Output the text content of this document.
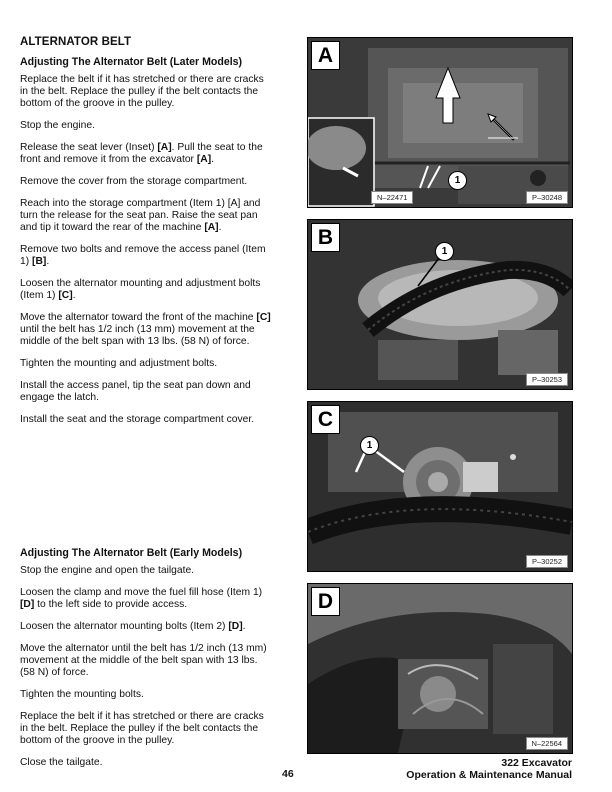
ALTERNATOR BELT
Adjusting The Alternator Belt (Later Models)

Replace the belt if it has stretched or there are cracks in the belt. Replace the pulley if the belt contacts the bottom of the groove in the pulley.

Stop the engine.

Release the seat lever (Inset) [A]. Pull the seat to the front and remove it from the excavator [A].

Remove the cover from the storage compartment.

Reach into the storage compartment (Item 1) [A] and turn the release for the seat pan. Raise the seat pan and tip it toward the rear of the machine [A].

Remove two bolts and remove the access panel (Item 1) [B].

Loosen the alternator mounting and adjustment bolts (Item 1) [C].

Move the alternator toward the front of the machine [C] until the belt has 1/2 inch (13 mm) movement at the middle of the belt span with 13 lbs. (58 N) of force.

Tighten the mounting and adjustment bolts.

Install the access panel, tip the seat pan down and engage the latch.

Install the seat and the storage compartment cover.

Adjusting The Alternator Belt (Early Models)

Stop the engine and open the tailgate.

Loosen the clamp and move the fuel fill hose (Item 1) [D] to the left side to provide access.

Loosen the alternator mounting bolts (Item 2) [D].

Move the alternator until the belt has 1/2 inch (13 mm) movement at the middle of the belt span with 13 lbs. (58 N) of force.

Tighten the mounting bolts.

Replace the belt if it has stretched or there are cracks in the belt. Replace the pulley if the belt contacts the bottom of the groove in the pulley.

Close the tailgate.

A
1
N–22471	P–30248
B
1
P–30253
C
1
P–30252
D
N–22564
46
322 Excavator
Operation & Maintenance Manual
